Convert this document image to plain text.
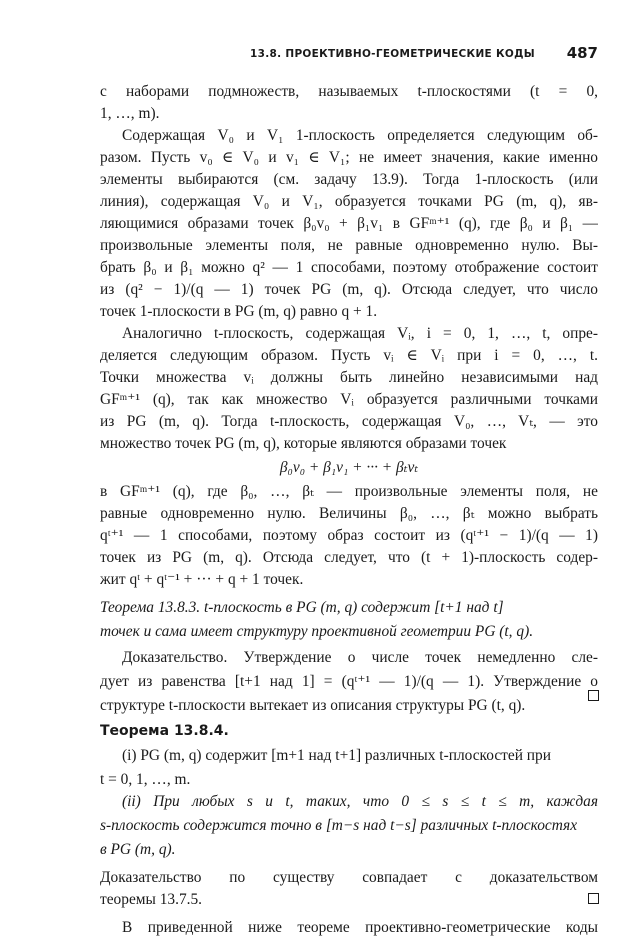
13.8. ПРОЕКТИВНО-ГЕОМЕТРИЧЕСКИЕ КОДЫ 487
с наборами подмножеств, называемых t-плоскостями (t = 0,
1, …, m).
Содержащая V₀ и V₁ 1-плоскость определяется следующим об-
разом. Пусть v₀ ∈ V₀ и v₁ ∈ V₁; не имеет значения, какие именно
элементы выбираются (см. задачу 13.9). Тогда 1-плоскость (или
линия), содержащая V₀ и V₁, образуется точками PG (m, q), яв-
ляющимися образами точек β₀v₀ + β₁v₁ в GFᵐ⁺¹ (q), где β₀ и β₁ —
произвольные элементы поля, не равные одновременно нулю. Вы-
брать β₀ и β₁ можно q² — 1 способами, поэтому отображение состоит
из (q² − 1)/(q — 1) точек PG (m, q). Отсюда следует, что число
точек 1-плоскости в PG (m, q) равно q + 1.
Аналогично t-плоскость, содержащая Vᵢ, i = 0, 1, …, t, опре-
деляется следующим образом. Пусть vᵢ ∈ Vᵢ при i = 0, …, t.
Точки множества vᵢ должны быть линейно независимыми над
GFᵐ⁺¹ (q), так как множество Vᵢ образуется различными точками
из PG (m, q). Тогда t-плоскость, содержащая V₀, …, Vₜ, — это
множество точек PG (m, q), которые являются образами точек
β₀v₀ + β₁v₁ + ··· + βₜvₜ
в GFᵐ⁺¹ (q), где β₀, …, βₜ — произвольные элементы поля, не
равные одновременно нулю. Величины β₀, …, βₜ можно выбрать
qᵗ⁺¹ — 1 способами, поэтому образ состоит из (qᵗ⁺¹ − 1)/(q — 1)
точек из PG (m, q). Отсюда следует, что (t + 1)-плоскость содер-
жит qᵗ + qᵗ⁻¹ + ··· + q + 1 точек.
Теорема 13.8.3. t-плоскость в PG (m, q) содержит [t+1 над t]
точек и сама имеет структуру проективной геометрии PG (t, q).
Доказательство. Утверждение о числе точек немедленно сле-
дует из равенства [t+1 над 1] = (qᵗ⁺¹ — 1)/(q — 1). Утверждение о
структуре t-плоскости вытекает из описания структуры PG (t, q).
Теорема 13.8.4.
(i) PG (m, q) содержит [m+1 над t+1] различных t-плоскостей при
t = 0, 1, …, m.
(ii) При любых s и t, таких, что 0 ≤ s ≤ t ≤ m, каждая
s-плоскость содержится точно в [m−s над t−s] различных t-плоскостях
в PG (m, q).
Доказательство по существу совпадает с доказательством
теоремы 13.7.5.
В приведенной ниже теореме проективно-геометрические коды
